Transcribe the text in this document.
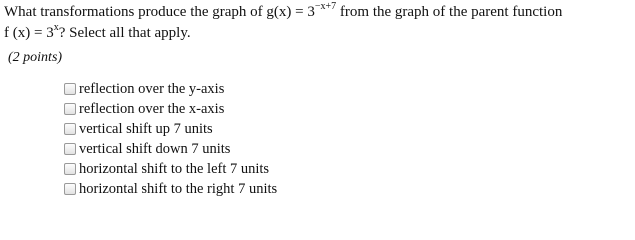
What transformations produce the graph of $g(x) = 3^{-x+7}$ from the graph of the parent function
f $(x) = 3^x$? Select all that apply.
(2 points)
reflection over the y-axis
reflection over the x-axis
vertical shift up 7 units
vertical shift down 7 units
horizontal shift to the left 7 units
horizontal shift to the right 7 units
